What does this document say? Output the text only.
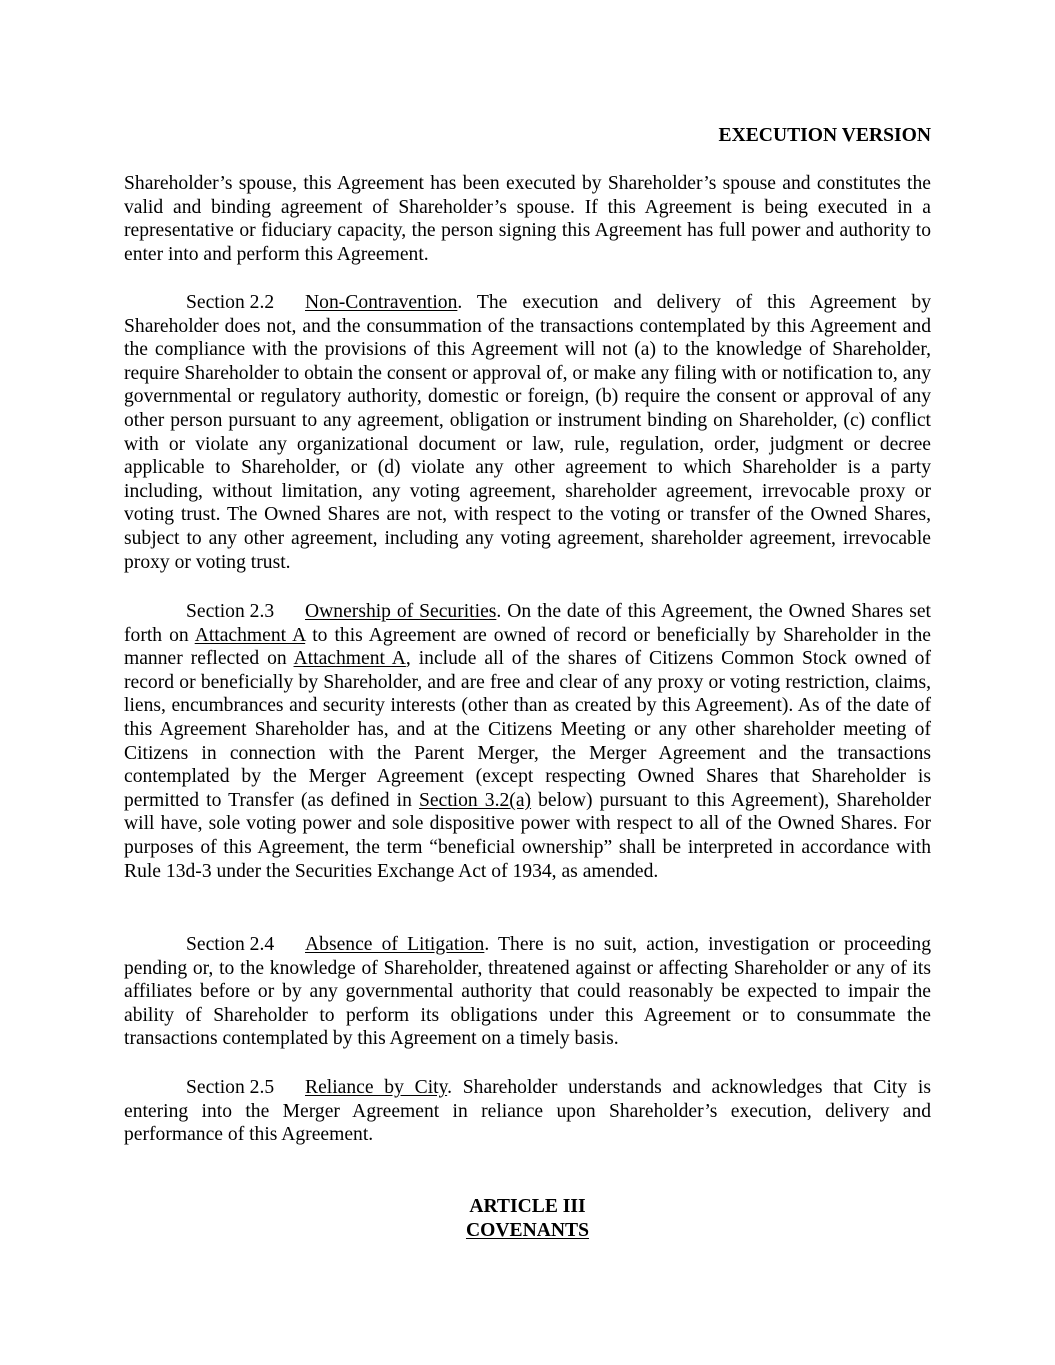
EXECUTION VERSION

Shareholder’s spouse, this Agreement has been executed by Shareholder’s spouse and constitutes the valid and binding agreement of Shareholder’s spouse. If this Agreement is being executed in a representative or fiduciary capacity, the person signing this Agreement has full power and authority to enter into and perform this Agreement.

Section 2.2 Non-Contravention. The execution and delivery of this Agreement by Shareholder does not, and the consummation of the transactions contemplated by this Agreement and the compliance with the provisions of this Agreement will not (a) to the knowledge of Shareholder, require Shareholder to obtain the consent or approval of, or make any filing with or notification to, any governmental or regulatory authority, domestic or foreign, (b) require the consent or approval of any other person pursuant to any agreement, obligation or instrument binding on Shareholder, (c) conflict with or violate any organizational document or law, rule, regulation, order, judgment or decree applicable to Shareholder, or (d) violate any other agreement to which Shareholder is a party including, without limitation, any voting agreement, shareholder agreement, irrevocable proxy or voting trust. The Owned Shares are not, with respect to the voting or transfer of the Owned Shares, subject to any other agreement, including any voting agreement, shareholder agreement, irrevocable proxy or voting trust.

Section 2.3 Ownership of Securities. On the date of this Agreement, the Owned Shares set forth on Attachment A to this Agreement are owned of record or beneficially by Shareholder in the manner reflected on Attachment A, include all of the shares of Citizens Common Stock owned of record or beneficially by Shareholder, and are free and clear of any proxy or voting restriction, claims, liens, encumbrances and security interests (other than as created by this Agreement). As of the date of this Agreement Shareholder has, and at the Citizens Meeting or any other shareholder meeting of Citizens in connection with the Parent Merger, the Merger Agreement and the transactions contemplated by the Merger Agreement (except respecting Owned Shares that Shareholder is permitted to Transfer (as defined in Section 3.2(a) below) pursuant to this Agreement), Shareholder will have, sole voting power and sole dispositive power with respect to all of the Owned Shares. For purposes of this Agreement, the term “beneficial ownership” shall be interpreted in accordance with Rule 13d-3 under the Securities Exchange Act of 1934, as amended.

Section 2.4 Absence of Litigation. There is no suit, action, investigation or proceeding pending or, to the knowledge of Shareholder, threatened against or affecting Shareholder or any of its affiliates before or by any governmental authority that could reasonably be expected to impair the ability of Shareholder to perform its obligations under this Agreement or to consummate the transactions contemplated by this Agreement on a timely basis.

Section 2.5 Reliance by City. Shareholder understands and acknowledges that City is entering into the Merger Agreement in reliance upon Shareholder’s execution, delivery and performance of this Agreement.

ARTICLE III
COVENANTS
